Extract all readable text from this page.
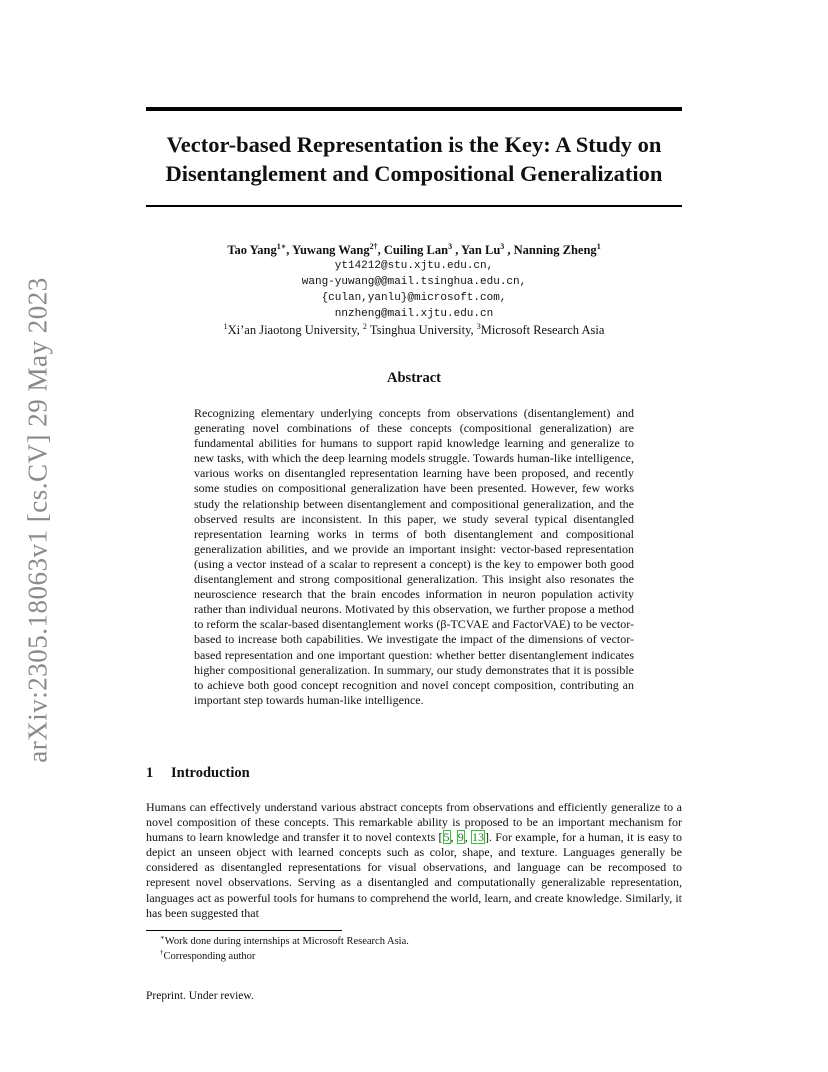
arXiv:2305.18063v1 [cs.CV] 29 May 2023
Vector-based Representation is the Key: A Study on Disentanglement and Compositional Generalization
Tao Yang$^{1∗}$, Yuwang Wang$^{2\dagger}$, Cuiling Lan$^3$ , Yan Lu$^3$ , Nanning Zheng$^1$
yt14212@stu.xjtu.edu.cn,
wang-yuwang@@mail.tsinghua.edu.cn,
{culan,yanlu}@microsoft.com,
nnzheng@mail.xjtu.edu.cn
$^1$Xi’an Jiaotong University, $^2$ Tsinghua University, $^3$Microsoft Research Asia
Abstract

Recognizing elementary underlying concepts from observations (disentanglement) and generating novel combinations of these concepts (compositional generalization) are fundamental abilities for humans to support rapid knowledge learning and generalize to new tasks, with which the deep learning models struggle. Towards human-like intelligence, various works on disentangled representation learning have been proposed, and recently some studies on compositional generalization have been presented. However, few works study the relationship between disentanglement and compositional generalization, and the observed results are inconsistent. In this paper, we study several typical disentangled representation learning works in terms of both disentanglement and compositional generalization abilities, and we provide an important insight: vector-based representation (using a vector instead of a scalar to represent a concept) is the key to empower both good disentanglement and strong compositional generalization. This insight also resonates the neuroscience research that the brain encodes information in neuron population activity rather than individual neurons. Motivated by this observation, we further propose a method to reform the scalar-based disentanglement works (β-TCVAE and FactorVAE) to be vector-based to increase both capabilities. We investigate the impact of the dimensions of vector-based representation and one important question: whether better disentanglement indicates higher compositional generalization. In summary, our study demonstrates that it is possible to achieve both good concept recognition and novel concept composition, contributing an important step towards human-like intelligence.

1 Introduction

Humans can effectively understand various abstract concepts from observations and efficiently generalize to a novel composition of these concepts. This remarkable ability is proposed to be an important mechanism for humans to learn knowledge and transfer it to novel contexts [5, 9, 13]. For example, for a human, it is easy to depict an unseen object with learned concepts such as color, shape, and texture. Languages generally be considered as disentangled representations for visual observations, and language can be recomposed to represent novel observations. Serving as a disentangled and computationally generalizable representation, languages act as powerful tools for humans to comprehend the world, learn, and create knowledge. Similarly, it has been suggested that

∗Work done during internships at Microsoft Research Asia.
†Corresponding author
Preprint. Under review.
